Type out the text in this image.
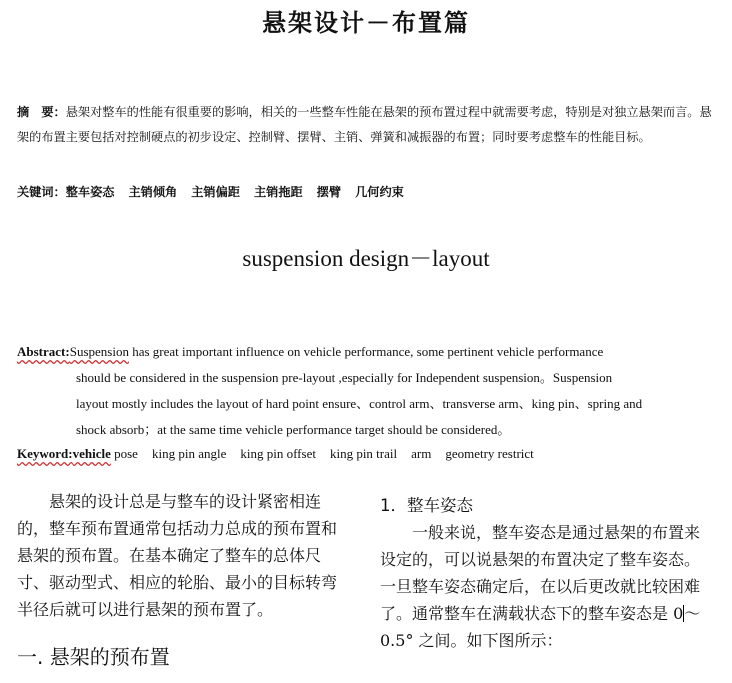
悬架设计－布置篇
摘　要：悬架对整车的性能有很重要的影响，相关的一些整车性能在悬架的预布置过程中就需要考虑，特别是对独立悬架而言。悬架的布置主要包括对控制硬点的初步设定、控制臂、摆臂、主销、弹簧和减振器的布置；同时要考虑整车的性能目标。
关键词：整车姿态 主销倾角 主销偏距 主销拖距 摆臂 几何约束
suspension design－layout
Abstract:Suspension has great important influence on vehicle performance, some pertinent vehicle performance
should be considered in the suspension pre-layout ,especially for Independent suspension。Suspension
layout mostly includes the layout of hard point ensure、control arm、transverse arm、king pin、spring and
shock absorb；at the same time vehicle performance target should be considered。
Keyword:vehicle pose king pin angle king pin offset king pin trail arm geometry restrict
悬架的设计总是与整车的设计紧密相连的，整车预布置通常包括动力总成的预布置和悬架的预布置。在基本确定了整车的总体尺寸、驱动型式、相应的轮胎、最小的目标转弯半径后就可以进行悬架的预布置了。
一. 悬架的预布置
1．整车姿态
一般来说，整车姿态是通过悬架的布置来设定的，可以说悬架的布置决定了整车姿态。一旦整车姿态确定后，在以后更改就比较困难了。通常整车在满载状态下的整车姿态是 0～0.5° 之间。如下图所示：
